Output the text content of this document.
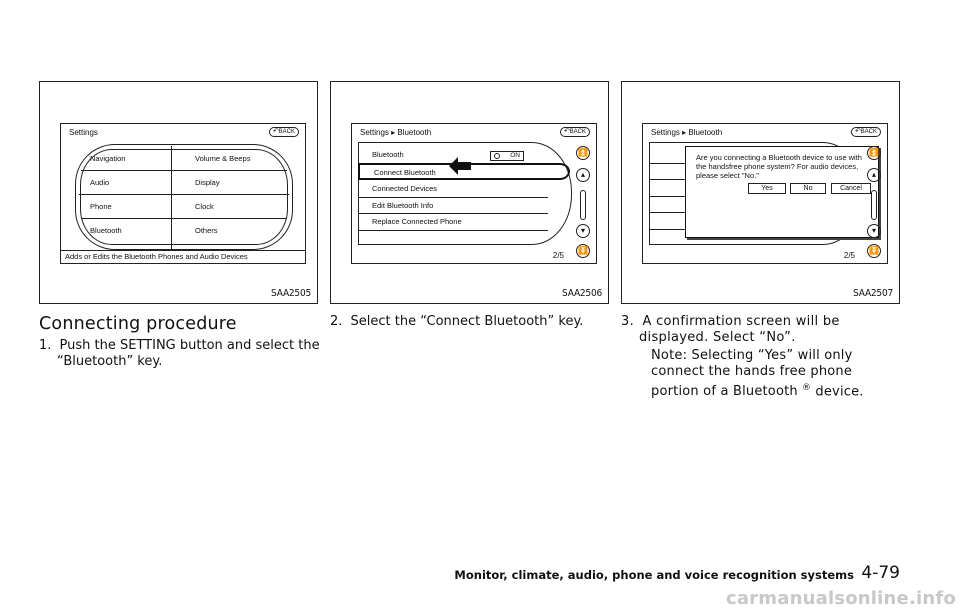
Settings	↶ BACK
Navigation
Audio
Phone
Bluetooth
Volume & Beeps
Display
Clock
Others
Adds or Edits the Bluetooth Phones and Audio Devices
SAA2505
Settings ▸ Bluetooth	↶ BACK
Bluetooth	ON
Connect Bluetooth
Connected Devices
Edit Bluetooth Info
Replace Connected Phone
2/5
⏫
▴
▾
⏬
SAA2506
Settings ▸ Bluetooth	↶ BACK
Are you connecting a Bluetooth device to use with the handsfree phone system? For audio devices, please select "No."
Yes	No	Cancel
2/5
⏫
▴
▾
⏬
SAA2507
Connecting procedure
1. Push the SETTING button and select the “Bluetooth” key.
2. Select the “Connect Bluetooth” key.	3. A confirmation screen will be displayed. Select “No”.
Note: Selecting “Yes” will only connect the hands free phone portion of a Bluetooth ® device.
Monitor, climate, audio, phone and voice recognition systems 4-79
carmanualsonline.info
